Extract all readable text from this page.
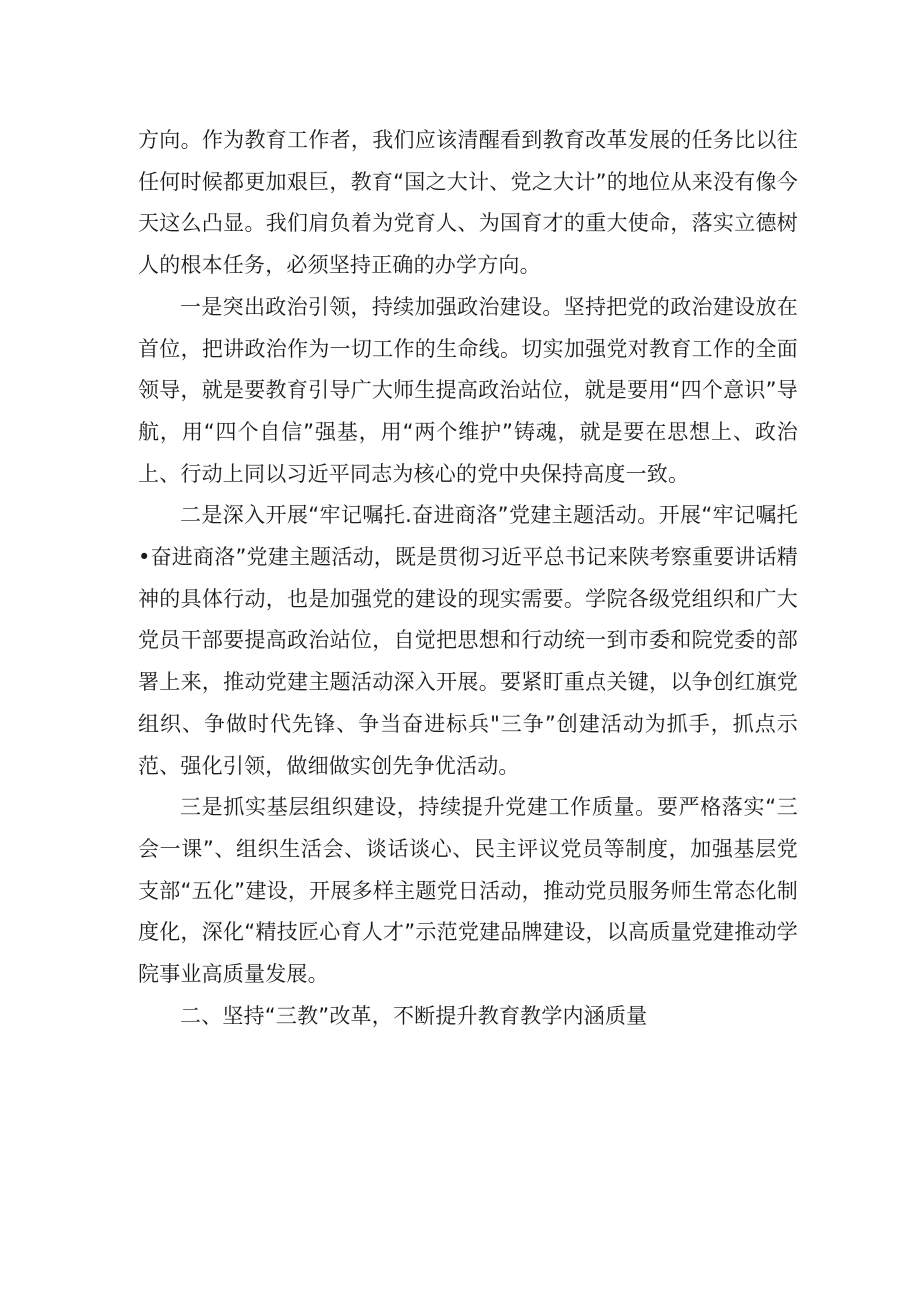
方向。作为教育工作者，我们应该清醒看到教育改革发展的任务比以往任何时候都更加艰巨，教育“国之大计、党之大计”的地位从来没有像今天这么凸显。我们肩负着为党育人、为国育才的重大使命，落实立德树人的根本任务，必须坚持正确的办学方向。

一是突出政治引领，持续加强政治建设。坚持把党的政治建设放在首位，把讲政治作为一切工作的生命线。切实加强党对教育工作的全面领导，就是要教育引导广大师生提高政治站位，就是要用“四个意识”导航，用“四个自信”强基，用“两个维护”铸魂，就是要在思想上、政治上、行动上同以习近平同志为核心的党中央保持高度一致。

二是深入开展“牢记嘱托.奋进商洛”党建主题活动。开展“牢记嘱托•奋进商洛”党建主题活动，既是贯彻习近平总书记来陕考察重要讲话精神的具体行动，也是加强党的建设的现实需要。学院各级党组织和广大党员干部要提高政治站位，自觉把思想和行动统一到市委和院党委的部署上来，推动党建主题活动深入开展。要紧盯重点关键，以争创红旗党组织、争做时代先锋、争当奋进标兵"三争”创建活动为抓手，抓点示范、强化引领，做细做实创先争优活动。

三是抓实基层组织建设，持续提升党建工作质量。要严格落实“三会一课”、组织生活会、谈话谈心、民主评议党员等制度，加强基层党支部“五化”建设，开展多样主题党日活动，推动党员服务师生常态化制度化，深化“精技匠心育人才”示范党建品牌建设，以高质量党建推动学院事业高质量发展。

二、坚持“三教”改革，不断提升教育教学内涵质量
